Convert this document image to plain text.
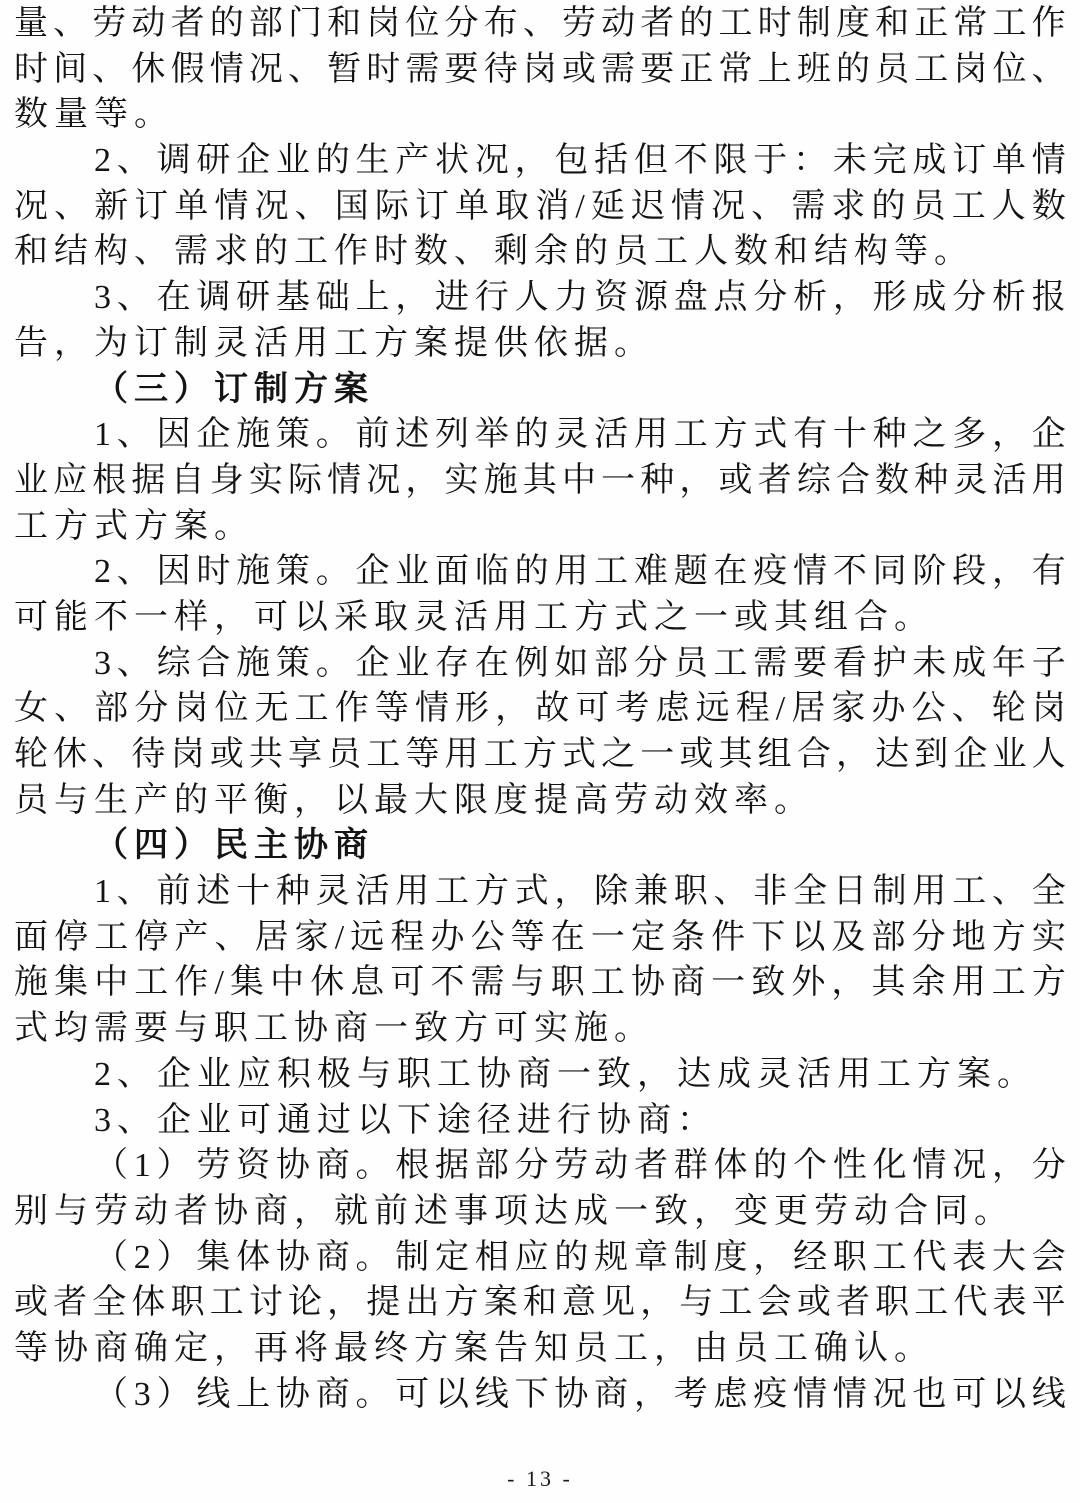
量 、 劳 动 者 的 部 门 和 岗 位 分 布 、 劳 动 者 的 工 时 制 度 和 正 常 工 作
时 间 、 休 假 情 况 、 暂 时 需 要 待 岗 或 需 要 正 常 上 班 的 员 工 岗 位 、
数量等。
2 、 调 研 企 业 的 生 产 状 况 ， 包 括 但 不 限 于 ： 未 完 成 订 单 情
况 、 新 订 单 情 况 、 国 际 订 单 取 消 / 延 迟 情 况 、 需 求 的 员 工 人 数
和结构、需求的工作时数、剩余的员工人数和结构等。
3 、 在 调 研 基 础 上 ， 进 行 人 力 资 源 盘 点 分 析 ， 形 成 分 析 报
告，为订制灵活用工方案提供依据。
（三）订制方案
1 、 因 企 施 策 。 前 述 列 举 的 灵 活 用 工 方 式 有 十 种 之 多 ， 企
业 应 根 据 自 身 实 际 情 况 ， 实 施 其 中 一 种 ， 或 者 综 合 数 种 灵 活 用
工方式方案。
2 、 因 时 施 策 。 企 业 面 临 的 用 工 难 题 在 疫 情 不 同 阶 段 ， 有
可能不一样，可以采取灵活用工方式之一或其组合。
3 、 综 合 施 策 。 企 业 存 在 例 如 部 分 员 工 需 要 看 护 未 成 年 子
女 、 部 分 岗 位 无 工 作 等 情 形 ， 故 可 考 虑 远 程 / 居 家 办 公 、 轮 岗
轮 休 、 待 岗 或 共 享 员 工 等 用 工 方 式 之 一 或 其 组 合 ， 达 到 企 业 人
员与生产的平衡，以最大限度提高劳动效率。
（四）民主协商
1 、 前 述 十 种 灵 活 用 工 方 式 ， 除 兼 职 、 非 全 日 制 用 工 、 全
面 停 工 停 产 、 居 家 / 远 程 办 公 等 在 一 定 条 件 下 以 及 部 分 地 方 实
施 集 中 工 作 / 集 中 休 息 可 不 需 与 职 工 协 商 一 致 外 ， 其 余 用 工 方
式均需要与职工协商一致方可实施。
2、企业应积极与职工协商一致，达成灵活用工方案。
3、企业可通过以下途径进行协商：
（ 1 ） 劳 资 协 商 。 根 据 部 分 劳 动 者 群 体 的 个 性 化 情 况 ， 分
别与劳动者协商，就前述事项达成一致，变更劳动合同。
（ 2 ） 集 体 协 商 。 制 定 相 应 的 规 章 制 度 ， 经 职 工 代 表 大 会
或 者 全 体 职 工 讨 论 ， 提 出 方 案 和 意 见 ， 与 工 会 或 者 职 工 代 表 平
等协商确定，再将最终方案告知员工，由员工确认。
（ 3 ） 线 上 协 商 。 可 以 线 下 协 商 ， 考 虑 疫 情 情 况 也 可 以 线
- 13 -
